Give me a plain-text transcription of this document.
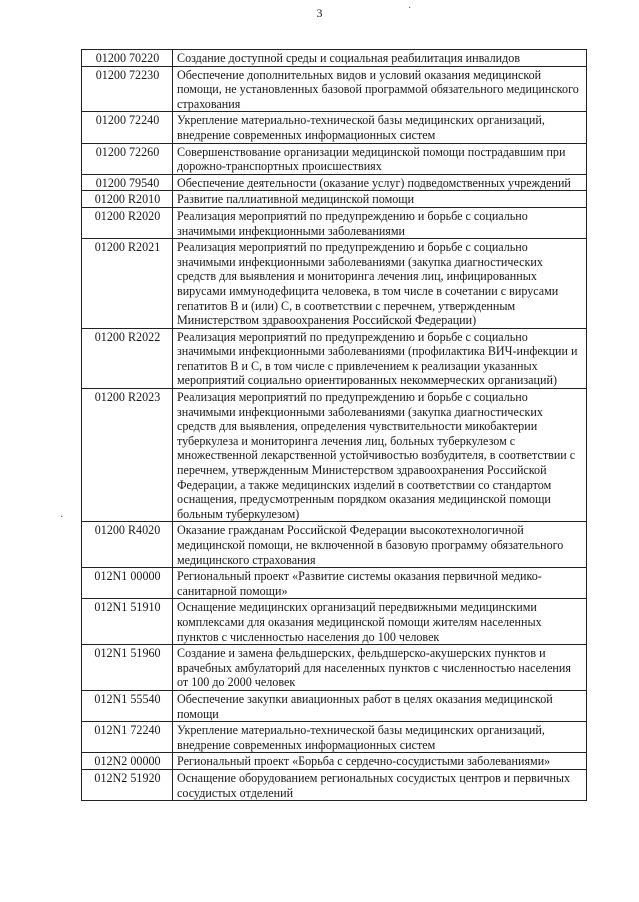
3	·
·
01200 70220	Создание доступной среды и социальная реабилитация инвалидов
01200 72230	Обеспечение дополнительных видов и условий оказания медицинской помощи, не установленных базовой программой обязательного медицинского страхования
01200 72240	Укрепление материально-технической базы медицинских организаций, внедрение современных информационных систем
01200 72260	Совершенствование организации медицинской помощи пострадавшим при дорожно-транспортных происшествиях
01200 79540	Обеспечение деятельности (оказание услуг) подведомственных учреждений
01200 R2010	Развитие паллиативной медицинской помощи
01200 R2020	Реализация мероприятий по предупреждению и борьбе с социально значимыми инфекционными заболеваниями
01200 R2021	Реализация мероприятий по предупреждению и борьбе с социально значимыми инфекционными заболеваниями (закупка диагностических средств для выявления и мониторинга лечения лиц, инфицированных вирусами иммунодефицита человека, в том числе в сочетании с вирусами гепатитов В и (или) С, в соответствии с перечнем, утвержденным Министерством здравоохранения Российской Федерации)
01200 R2022	Реализация мероприятий по предупреждению и борьбе с социально значимыми инфекционными заболеваниями (профилактика ВИЧ-инфекции и гепатитов В и С, в том числе с привлечением к реализации указанных мероприятий социально ориентированных некоммерческих организаций)
01200 R2023	Реализация мероприятий по предупреждению и борьбе с социально значимыми инфекционными заболеваниями (закупка диагностических средств для выявления, определения чувствительности микобактерии туберкулеза и мониторинга лечения лиц, больных туберкулезом с множественной лекарственной устойчивостью возбудителя, в соответствии с перечнем, утвержденным Министерством здравоохранения Российской Федерации, а также медицинских изделий в соответствии со стандартом оснащения, предусмотренным порядком оказания медицинской помощи больным туберкулезом)
01200 R4020	Оказание гражданам Российской Федерации высокотехнологичной медицинской помощи, не включенной в базовую программу обязательного медицинского страхования
012N1 00000	Региональный проект «Развитие системы оказания первичной медико-санитарной помощи»
012N1 51910	Оснащение медицинских организаций передвижными медицинскими комплексами для оказания медицинской помощи жителям населенных пунктов с численностью населения до 100 человек
012N1 51960	Создание и замена фельдшерских, фельдшерско-акушерских пунктов и врачебных амбулаторий для населенных пунктов с численностью населения от 100 до 2000 человек
012N1 55540	Обеспечение закупки авиационных работ в целях оказания медицинской помощи
012N1 72240	Укрепление материально-технической базы медицинских организаций, внедрение современных информационных систем
012N2 00000	Региональный проект «Борьба с сердечно-сосудистыми заболеваниями»
012N2 51920	Оснащение оборудованием региональных сосудистых центров и первичных сосудистых отделений
